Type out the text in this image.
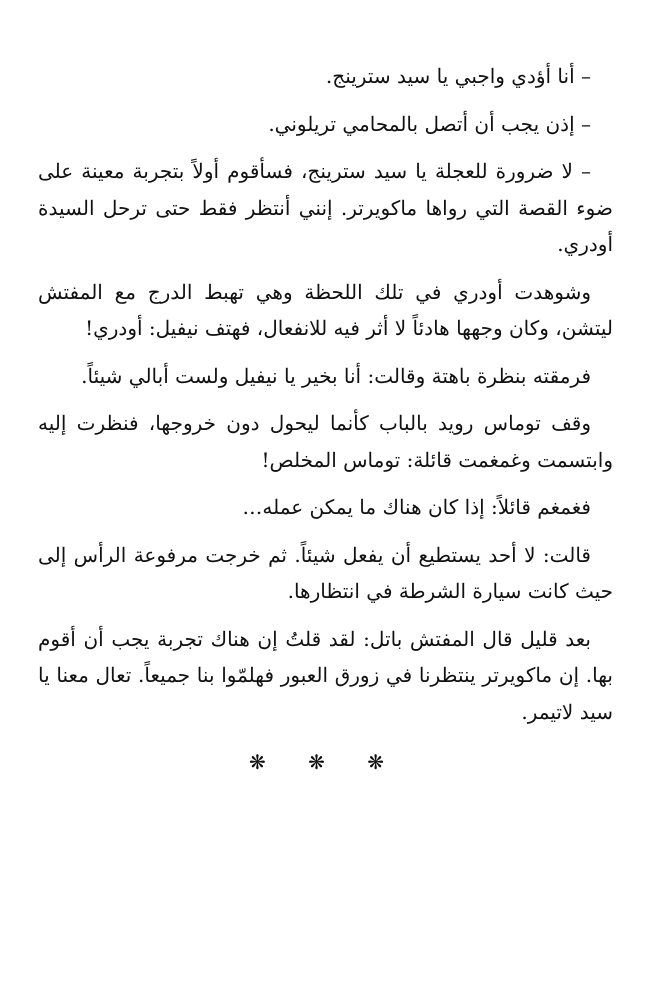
– أنا أؤدي واجبي يا سيد سترينج.

– إذن يجب أن أتصل بالمحامي تريلوني.

– لا ضرورة للعجلة يا سيد سترينج، فسأقوم أولاً بتجربة معينة على ضوء القصة التي رواها ماكويرتر. إنني أنتظر فقط حتى ترحل السيدة أودري.

وشوهدت أودري في تلك اللحظة وهي تهبط الدرج مع المفتش ليتشن، وكان وجهها هادئاً لا أثر فيه للانفعال، فهتف نيفيل: أودري!

فرمقته بنظرة باهتة وقالت: أنا بخير يا نيفيل ولست أبالي شيئاً.

وقف توماس رويد بالباب كأنما ليحول دون خروجها، فنظرت إليه وابتسمت وغمغمت قائلة: توماس المخلص!

فغمغم قائلاً: إذا كان هناك ما يمكن عمله…

قالت: لا أحد يستطيع أن يفعل شيئاً. ثم خرجت مرفوعة الرأس إلى حيث كانت سيارة الشرطة في انتظارها.

بعد قليل قال المفتش باتل: لقد قلتُ إن هناك تجربة يجب أن أقوم بها. إن ماكويرتر ينتظرنا في زورق العبور فهلمّوا بنا جميعاً. تعال معنا يا سيد لاتيمر.

❋ ❋ ❋
